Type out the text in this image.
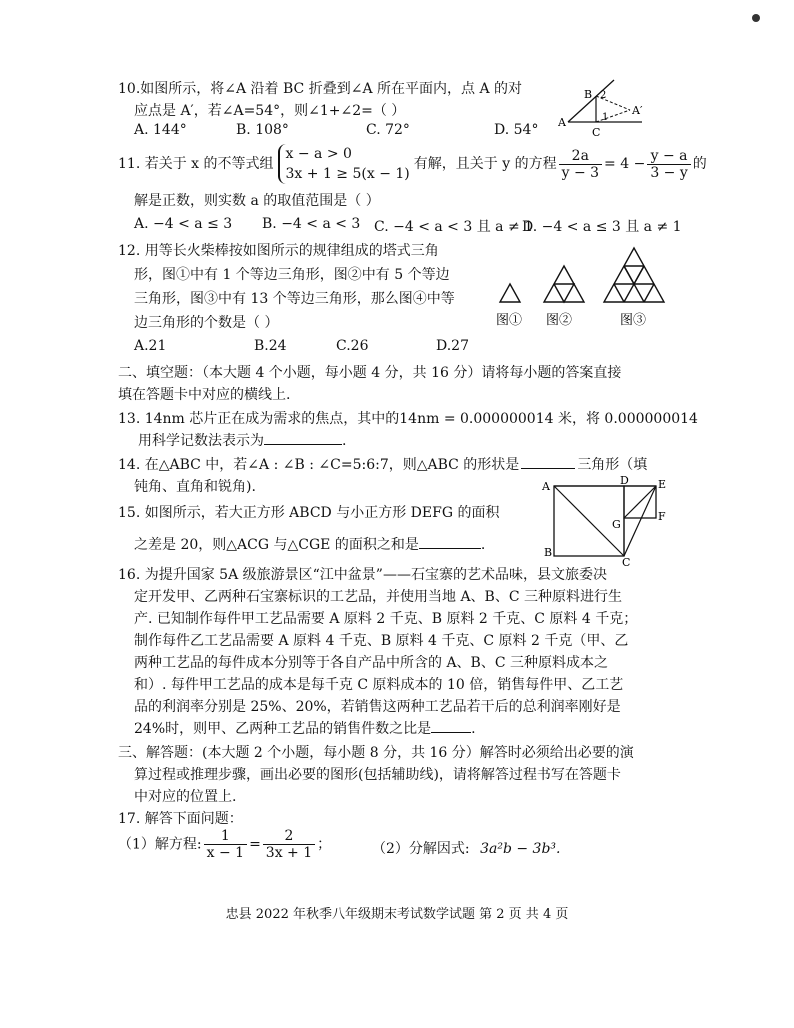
10.如图所示，将∠A 沿着 BC 折叠到∠A 所在平面内，点 A 的对
应点是 A′，若∠A=54°，则∠1+∠2=（ ）
A. 144°	B. 108°	C. 72°	D. 54° A
B
C
A′
2
1
11. 若关于 x 的不等式组
x − a > 0
3x + 1 ≥ 5(x − 1)
有解，且关于 y 的方程 $\frac{2a}{y - 3} = 4 - \frac{y - a}{3 - y}$ 的
解是正数，则实数 a 的取值范围是（ ）
A. −4 < a ≤ 3 B. −4 < a < 3 C. −4 < a < 3 且 a ≠ 1
D. −4 < a ≤ 3 且 a ≠ 1
12. 用等长火柴棒按如图所示的规律组成的塔式三角
形，图①中有 1 个等边三角形，图②中有 5 个等边
三角形，图③中有 13 个等边三角形，那么图④中等
边三角形的个数是（ ）
A.21	B.24	C.26	D.27
图① 图②	图③
二、填空题：（本大题 4 个小题，每小题 4 分，共 16 分）请将每小题的答案直接
填在答题卡中对应的横线上.
13. 14nm 芯片正在成为需求的焦点，其中的14nm = 0.000000014 米，将 0.000000014
用科学记数法表示为	.
14. 在△ABC 中，若∠A : ∠B : ∠C=5:6:7，则△ABC 的形状是	三角形（填
钝角、直角和锐角).
15. 如图所示，若大正方形 ABCD 与小正方形 DEFG 的面积
之差是 20，则△ACG 与△CGE 的面积之和是	.
A
B
C
D	E
F
G
16. 为提升国家 5A 级旅游景区“江中盆景”——石宝寨的艺术品味，县文旅委决
定开发甲、乙两种石宝寨标识的工艺品，并使用当地 A、B、C 三种原料进行生
产. 已知制作每件甲工艺品需要 A 原料 2 千克、B 原料 2 千克、C 原料 4 千克；
制作每件乙工艺品需要 A 原料 4 千克、B 原料 4 千克、C 原料 2 千克（甲、乙
两种工艺品的每件成本分别等于各自产品中所含的 A、B、C 三种原料成本之
和）. 每件甲工艺品的成本是每千克 C 原料成本的 10 倍，销售每件甲、乙工艺
品的利润率分别是 25%、20%，若销售这两种工艺品若干后的总利润率刚好是
24%时，则甲、乙两种工艺品的销售件数之比是	.
三、解答题：(本大题 2 个小题，每小题 8 分，共 16 分）解答时必须给出必要的演
算过程或推理步骤，画出必要的图形(包括辅助线)，请将解答过程书写在答题卡
中对应的位置上.
17. 解答下面问题：
（1）解方程: $\frac{1}{x - 1} = \frac{2}{3x + 1}$ ；	（2）分解因式: 3a²b − 3b³.
忠县 2022 年秋季八年级期末考试数学试题 第 2 页 共 4 页
